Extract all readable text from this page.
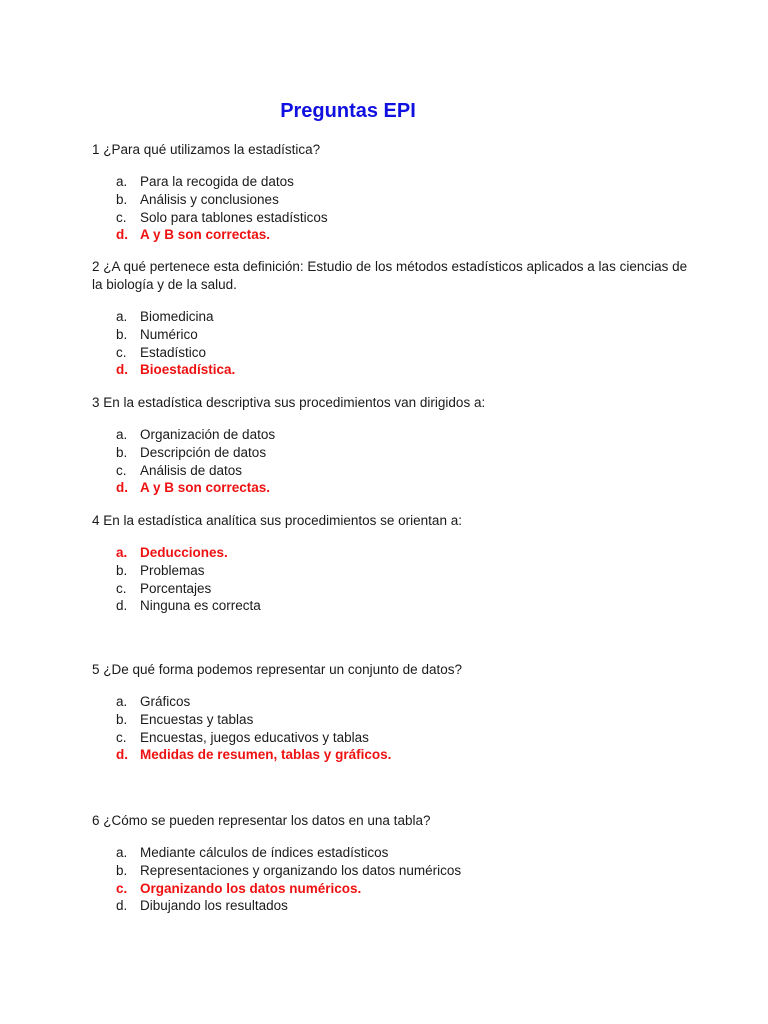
Preguntas EPI

1 ¿Para qué utilizamos la estadística?

a. Para la recogida de datos
b. Análisis y conclusiones
c. Solo para tablones estadísticos
d. A y B son correctas.

2 ¿A qué pertenece esta definición: Estudio de los métodos estadísticos aplicados a las ciencias de la biología y de la salud.

a. Biomedicina
b. Numérico
c. Estadístico
d. Bioestadística.

3 En la estadística descriptiva sus procedimientos van dirigidos a:

a. Organización de datos
b. Descripción de datos
c. Análisis de datos
d. A y B son correctas.

4 En la estadística analítica sus procedimientos se orientan a:

a. Deducciones.
b. Problemas
c. Porcentajes
d. Ninguna es correcta

5 ¿De qué forma podemos representar un conjunto de datos?

a. Gráficos
b. Encuestas y tablas
c. Encuestas, juegos educativos y tablas
d. Medidas de resumen, tablas y gráficos.

6 ¿Cómo se pueden representar los datos en una tabla?

a. Mediante cálculos de índices estadísticos
b. Representaciones y organizando los datos numéricos
c. Organizando los datos numéricos.
d. Dibujando los resultados
